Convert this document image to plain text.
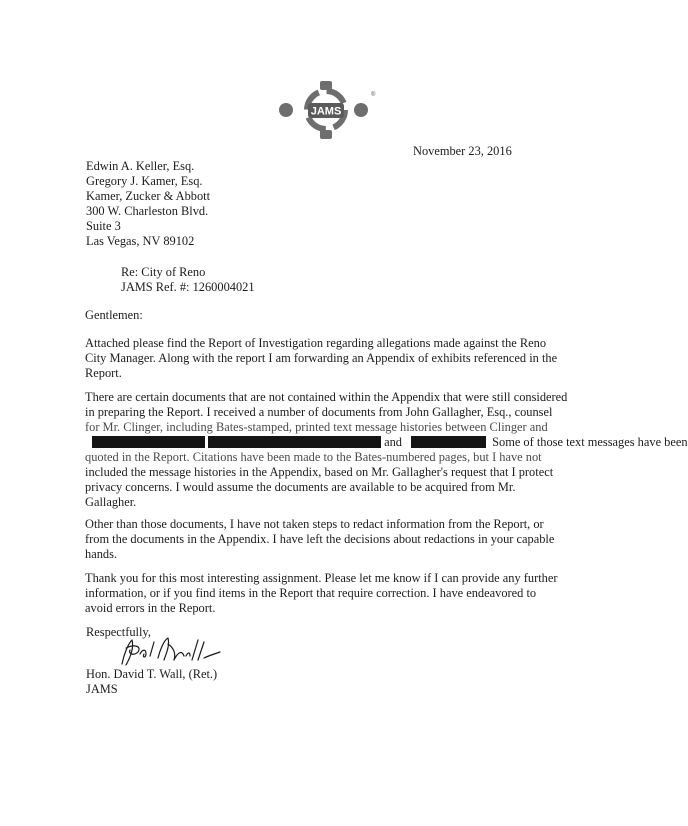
JAMS
®
November 23, 2016
Edwin A. Keller, Esq.
Gregory J. Kamer, Esq.
Kamer, Zucker & Abbott
300 W. Charleston Blvd.
Suite 3
Las Vegas, NV 89102
Re: City of Reno
JAMS Ref. #: 1260004021
Gentlemen:
Attached please find the Report of Investigation regarding allegations made against the Reno
City Manager. Along with the report I am forwarding an Appendix of exhibits referenced in the
Report.
There are certain documents that are not contained within the Appendix that were still considered
in preparing the Report. I received a number of documents from John Gallagher, Esq., counsel
for Mr. Clinger, including Bates-stamped, printed text message histories between Clinger and
and	Some of those text messages have been
quoted in the Report. Citations have been made to the Bates-numbered pages, but I have not
included the message histories in the Appendix, based on Mr. Gallagher's request that I protect
privacy concerns. I would assume the documents are available to be acquired from Mr.
Gallagher.
Other than those documents, I have not taken steps to redact information from the Report, or
from the documents in the Appendix. I have left the decisions about redactions in your capable
hands.
Thank you for this most interesting assignment. Please let me know if I can provide any further
information, or if you find items in the Report that require correction. I have endeavored to
avoid errors in the Report.
Respectfully,
Hon. David T. Wall, (Ret.)
JAMS
